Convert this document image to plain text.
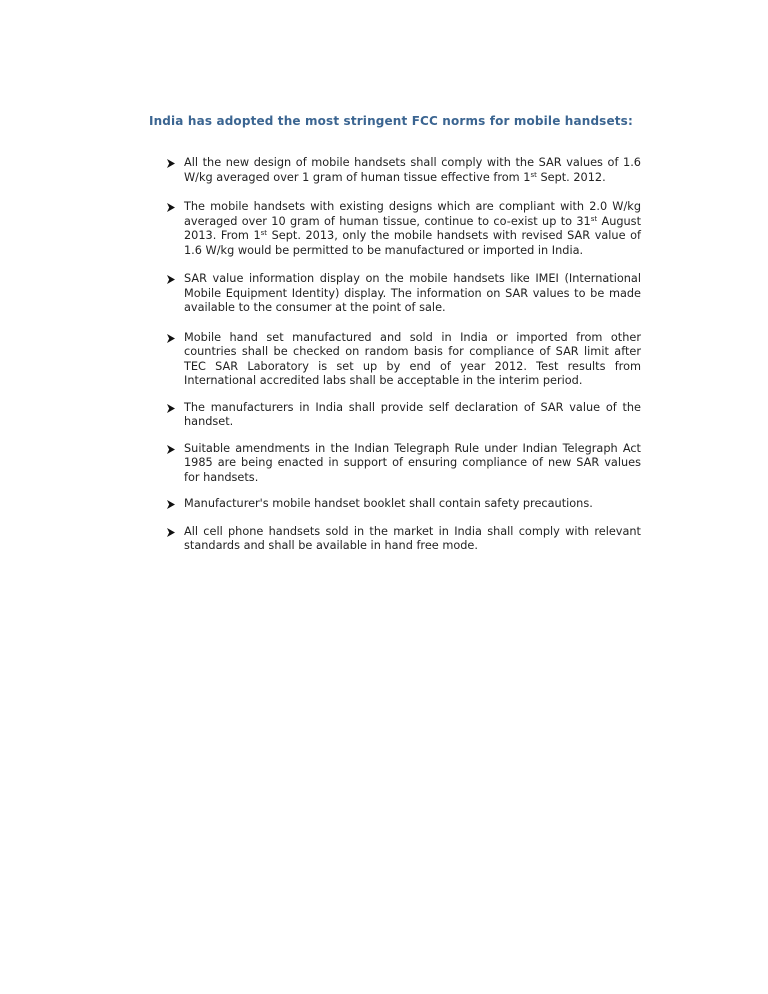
India has adopted the most stringent FCC norms for mobile handsets:
All the new design of mobile handsets shall comply with the SAR values of 1.6 W/kg averaged over 1 gram of human tissue effective from 1st Sept. 2012.
The mobile handsets with existing designs which are compliant with 2.0 W/kg averaged over 10 gram of human tissue, continue to co-exist up to 31st August 2013. From 1st Sept. 2013, only the mobile handsets with revised SAR value of 1.6 W/kg would be permitted to be manufactured or imported in India.
SAR value information display on the mobile handsets like IMEI (International Mobile Equipment Identity) display. The information on SAR values to be made available to the consumer at the point of sale.
Mobile hand set manufactured and sold in India or imported from other countries shall be checked on random basis for compliance of SAR limit after TEC SAR Laboratory is set up by end of year 2012. Test results from International accredited labs shall be acceptable in the interim period.
The manufacturers in India shall provide self declaration of SAR value of the handset.
Suitable amendments in the Indian Telegraph Rule under Indian Telegraph Act 1985 are being enacted in support of ensuring compliance of new SAR values for handsets.
Manufacturer's mobile handset booklet shall contain safety precautions.
All cell phone handsets sold in the market in India shall comply with relevant standards and shall be available in hand free mode.
